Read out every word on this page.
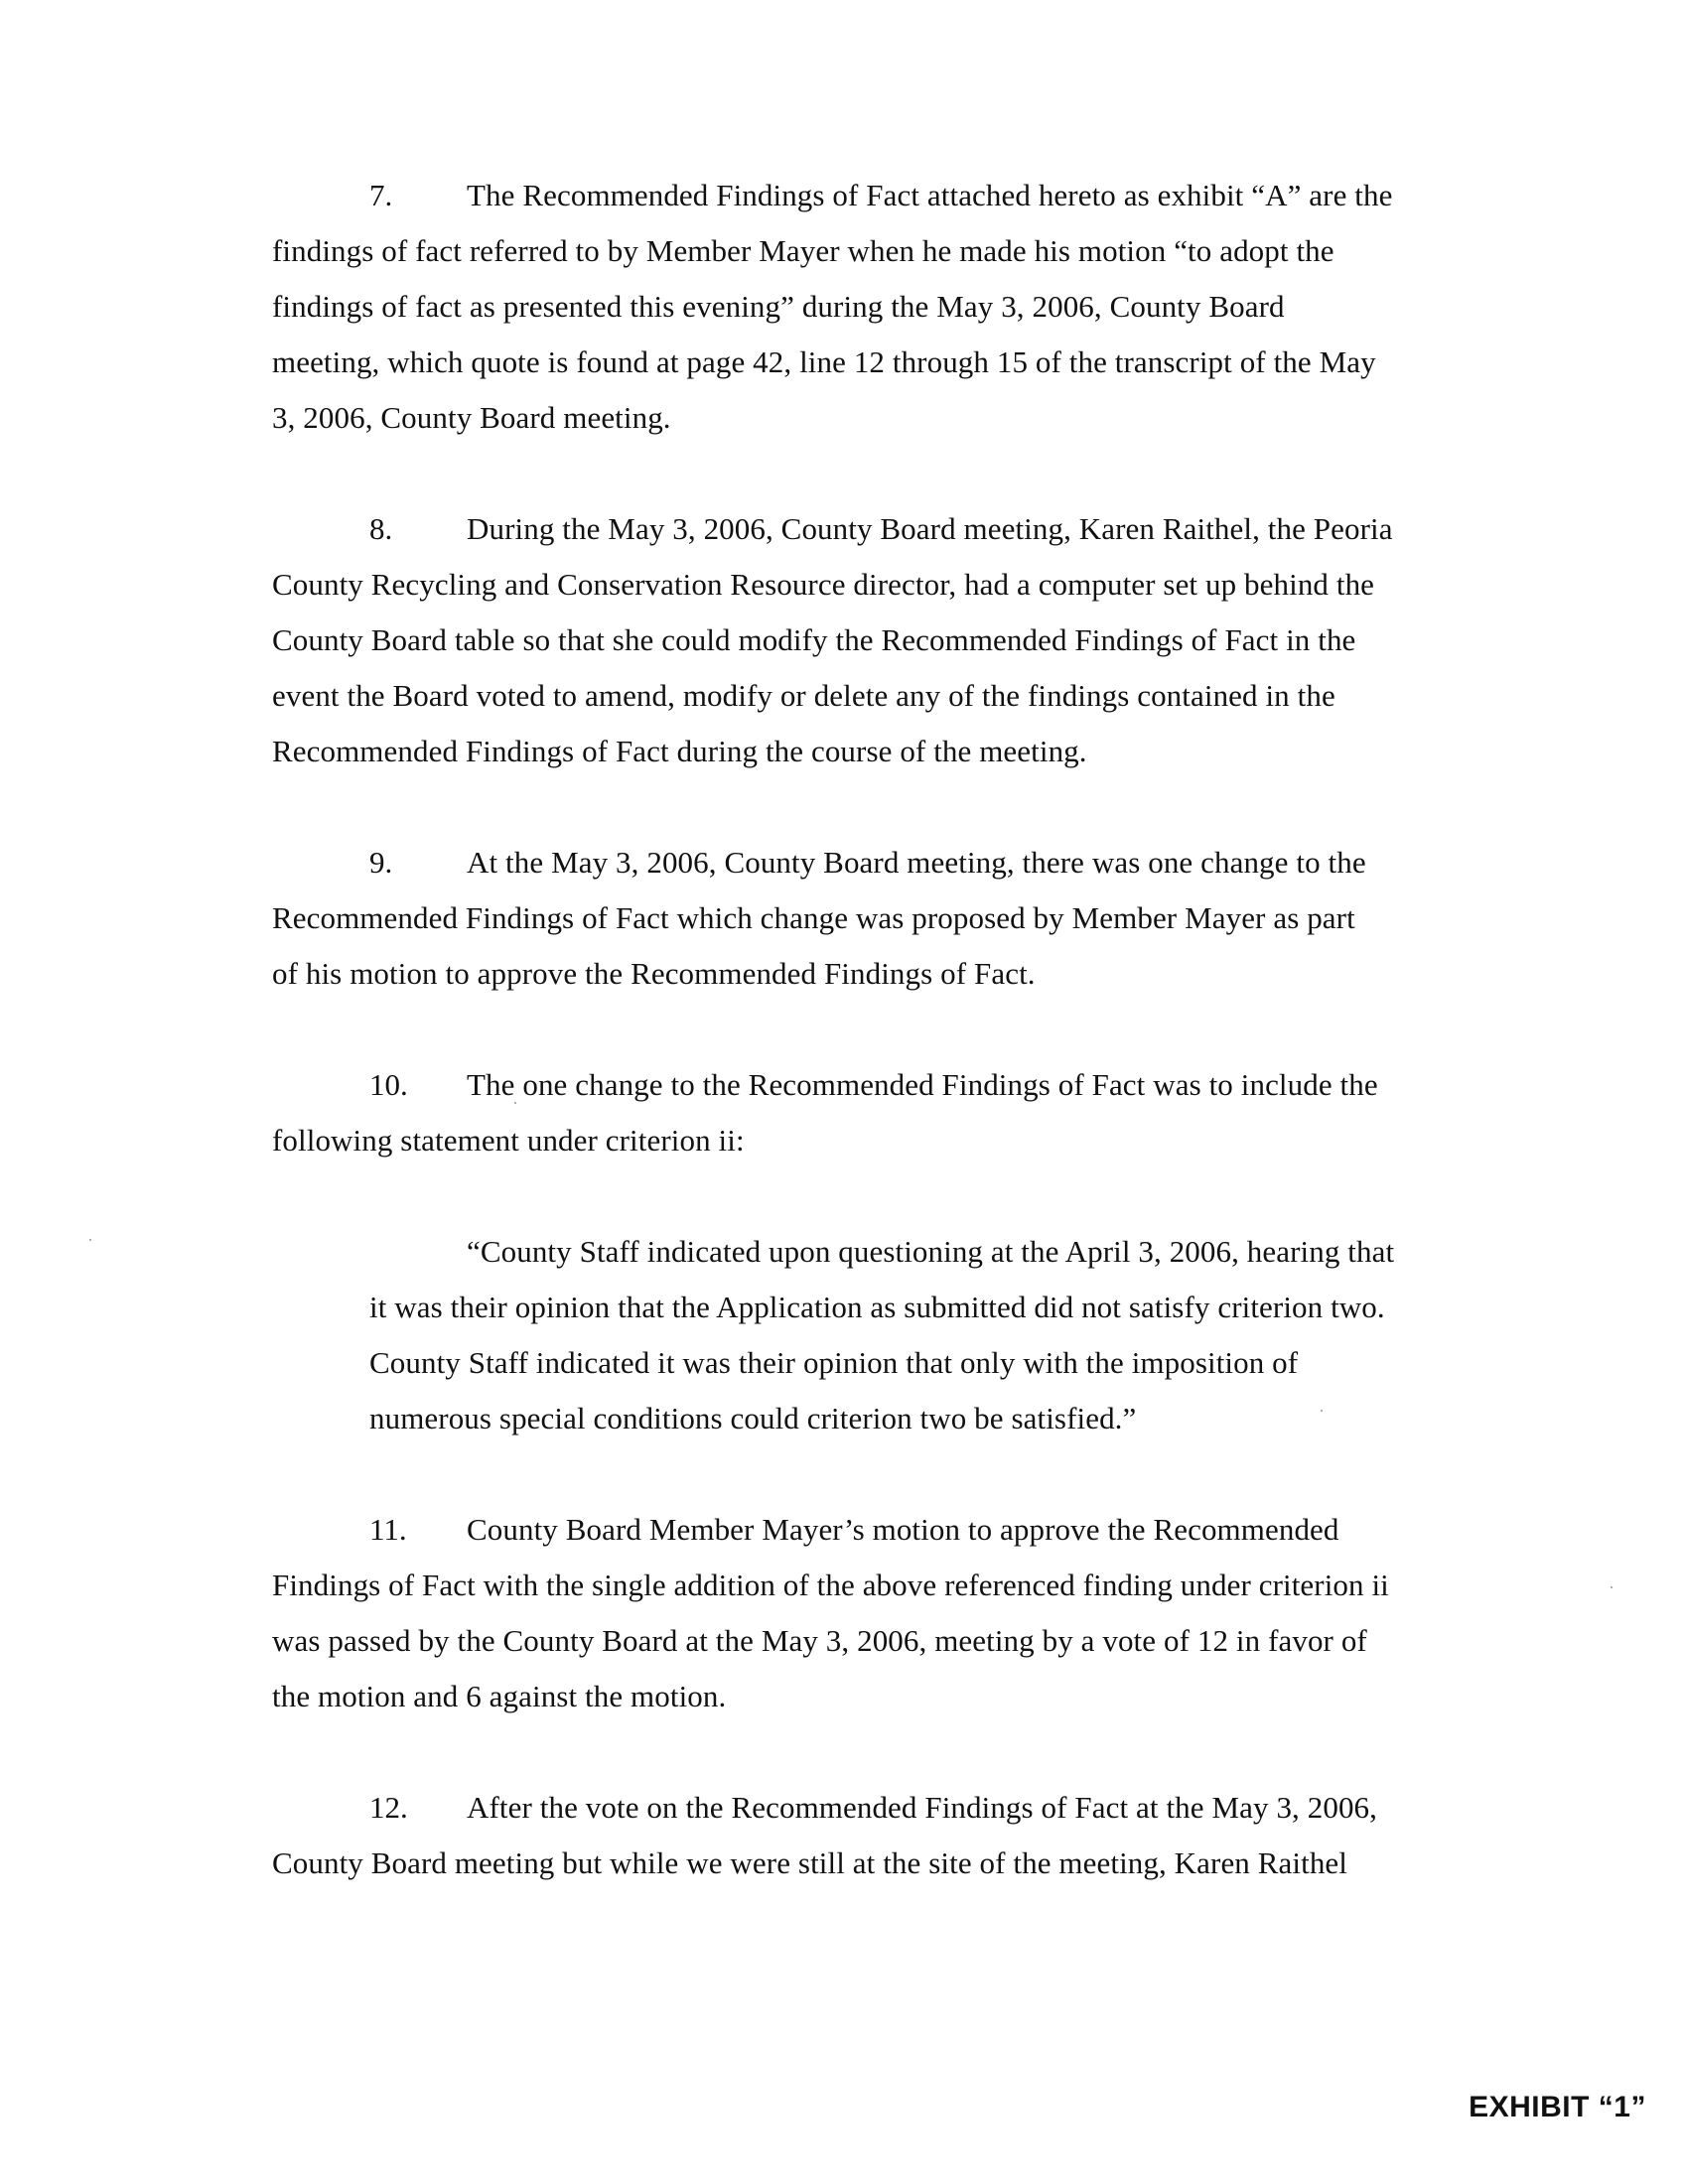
7. The Recommended Findings of Fact attached hereto as exhibit “A” are the
findings of fact referred to by Member Mayer when he made his motion “to adopt the
findings of fact as presented this evening” during the May 3, 2006, County Board
meeting, which quote is found at page 42, line 12 through 15 of the transcript of the May
3, 2006, County Board meeting.
8. During the May 3, 2006, County Board meeting, Karen Raithel, the Peoria
County Recycling and Conservation Resource director, had a computer set up behind the
County Board table so that she could modify the Recommended Findings of Fact in the
event the Board voted to amend, modify or delete any of the findings contained in the
Recommended Findings of Fact during the course of the meeting.
9. At the May 3, 2006, County Board meeting, there was one change to the
Recommended Findings of Fact which change was proposed by Member Mayer as part
of his motion to approve the Recommended Findings of Fact.
10. The one change to the Recommended Findings of Fact was to include the
following statement under criterion ii:
“County Staff indicated upon questioning at the April 3, 2006, hearing that
it was their opinion that the Application as submitted did not satisfy criterion two.
County Staff indicated it was their opinion that only with the imposition of
numerous special conditions could criterion two be satisfied.”
11. County Board Member Mayer’s motion to approve the Recommended
Findings of Fact with the single addition of the above referenced finding under criterion ii
was passed by the County Board at the May 3, 2006, meeting by a vote of 12 in favor of
the motion and 6 against the motion.
12. After the vote on the Recommended Findings of Fact at the May 3, 2006,
County Board meeting but while we were still at the site of the meeting, Karen Raithel
EXHIBIT “1”
